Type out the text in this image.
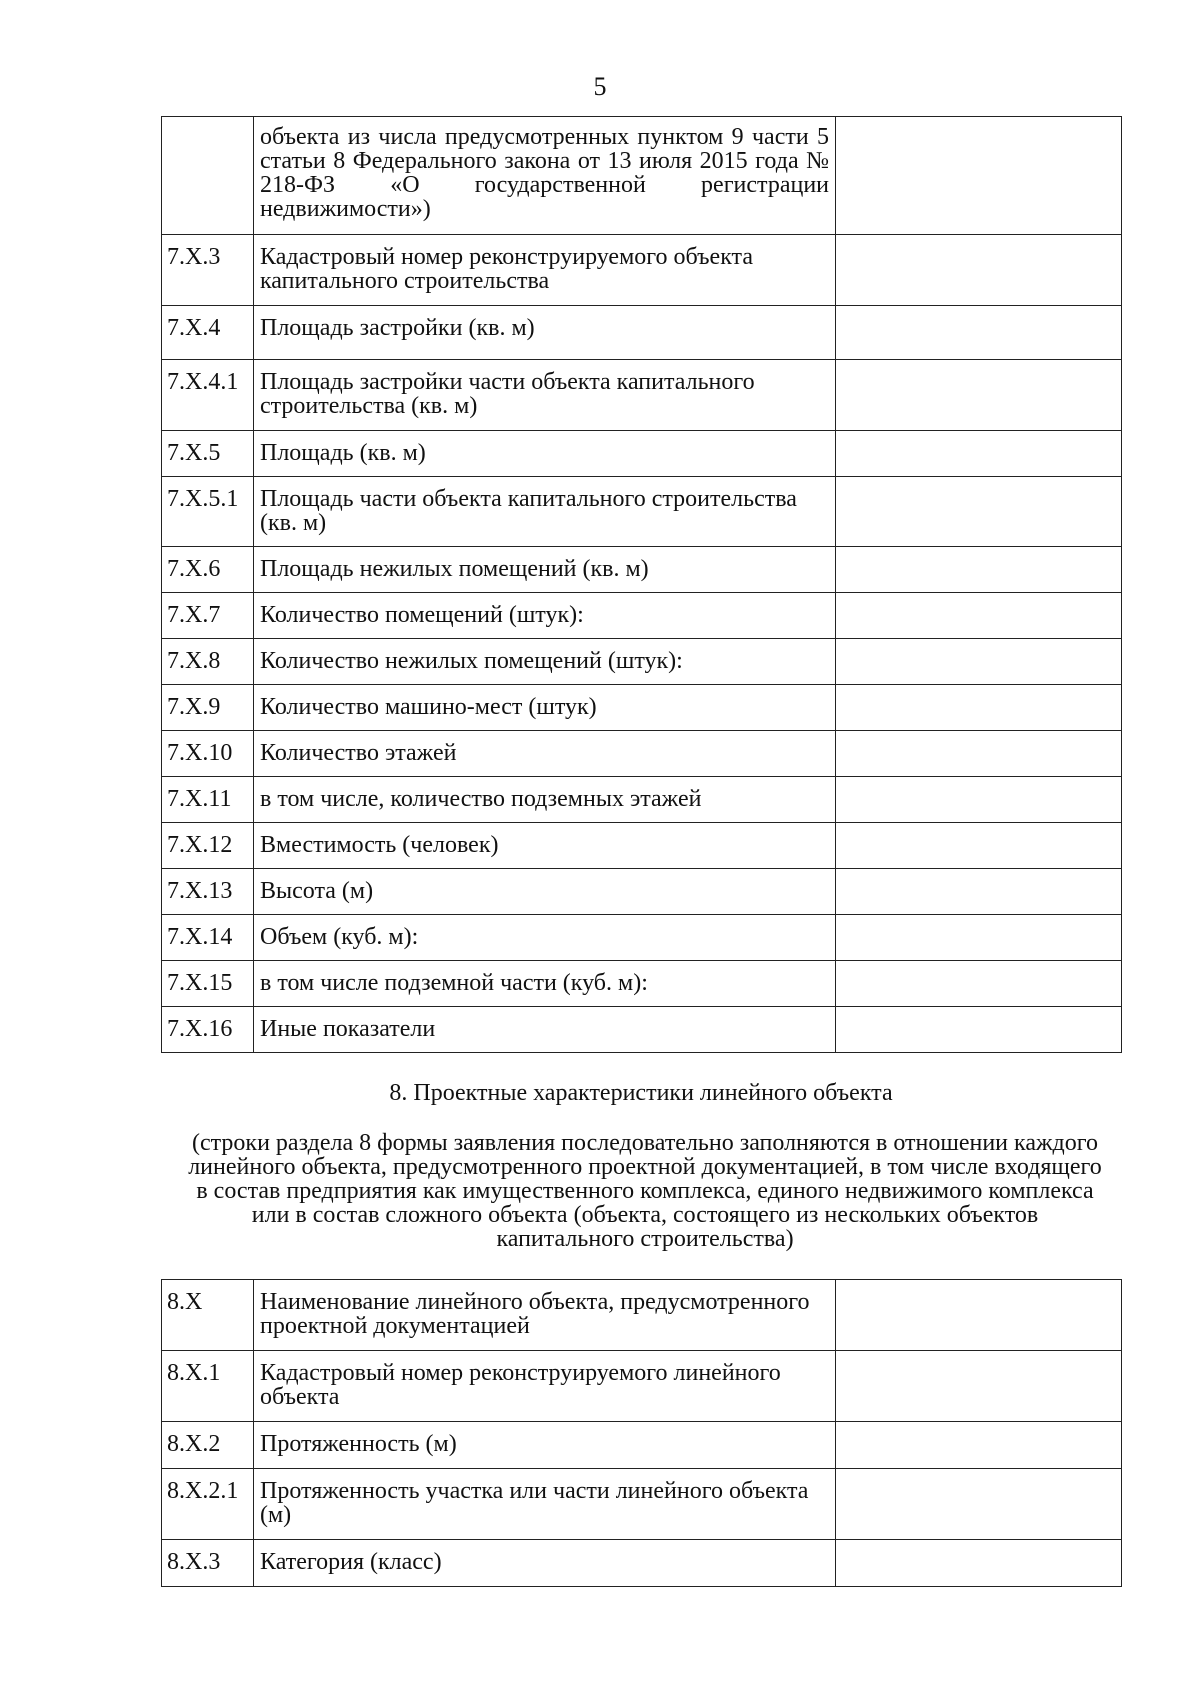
5
	объекта из числа предусмотренных пунктом 9 части 5 статьи 8 Федерального закона от 13 июля 2015 года № 218-ФЗ «О государственной регистрации недвижимости»)	
7.X.3	Кадастровый номер реконструируемого объекта капитального строительства	
7.X.4	Площадь застройки (кв. м)	
7.X.4.1	Площадь застройки части объекта капитального строительства (кв. м)	
7.X.5	Площадь (кв. м)	
7.X.5.1	Площадь части объекта капитального строительства (кв. м)	
7.X.6	Площадь нежилых помещений (кв. м)	
7.X.7	Количество помещений (штук):	
7.X.8	Количество нежилых помещений (штук):	
7.X.9	Количество машино-мест (штук)	
7.X.10	Количество этажей	
7.X.11	в том числе, количество подземных этажей	
7.X.12	Вместимость (человек)	
7.X.13	Высота (м)	
7.X.14	Объем (куб. м):	
7.X.15	в том числе подземной части (куб. м):	
7.X.16	Иные показатели	
8. Проектные характеристики линейного объекта
(строки раздела 8 формы заявления последовательно заполняются в отношении каждого линейного объекта, предусмотренного проектной документацией, в том числе входящего в состав предприятия как имущественного комплекса, единого недвижимого комплекса или в состав сложного объекта (объекта, состоящего из нескольких объектов капитального строительства)
8.X	Наименование линейного объекта, предусмотренного проектной документацией	
8.X.1	Кадастровый номер реконструируемого линейного объекта	
8.X.2	Протяженность (м)	
8.X.2.1	Протяженность участка или части линейного объекта (м)	
8.X.3	Категория (класс)	
